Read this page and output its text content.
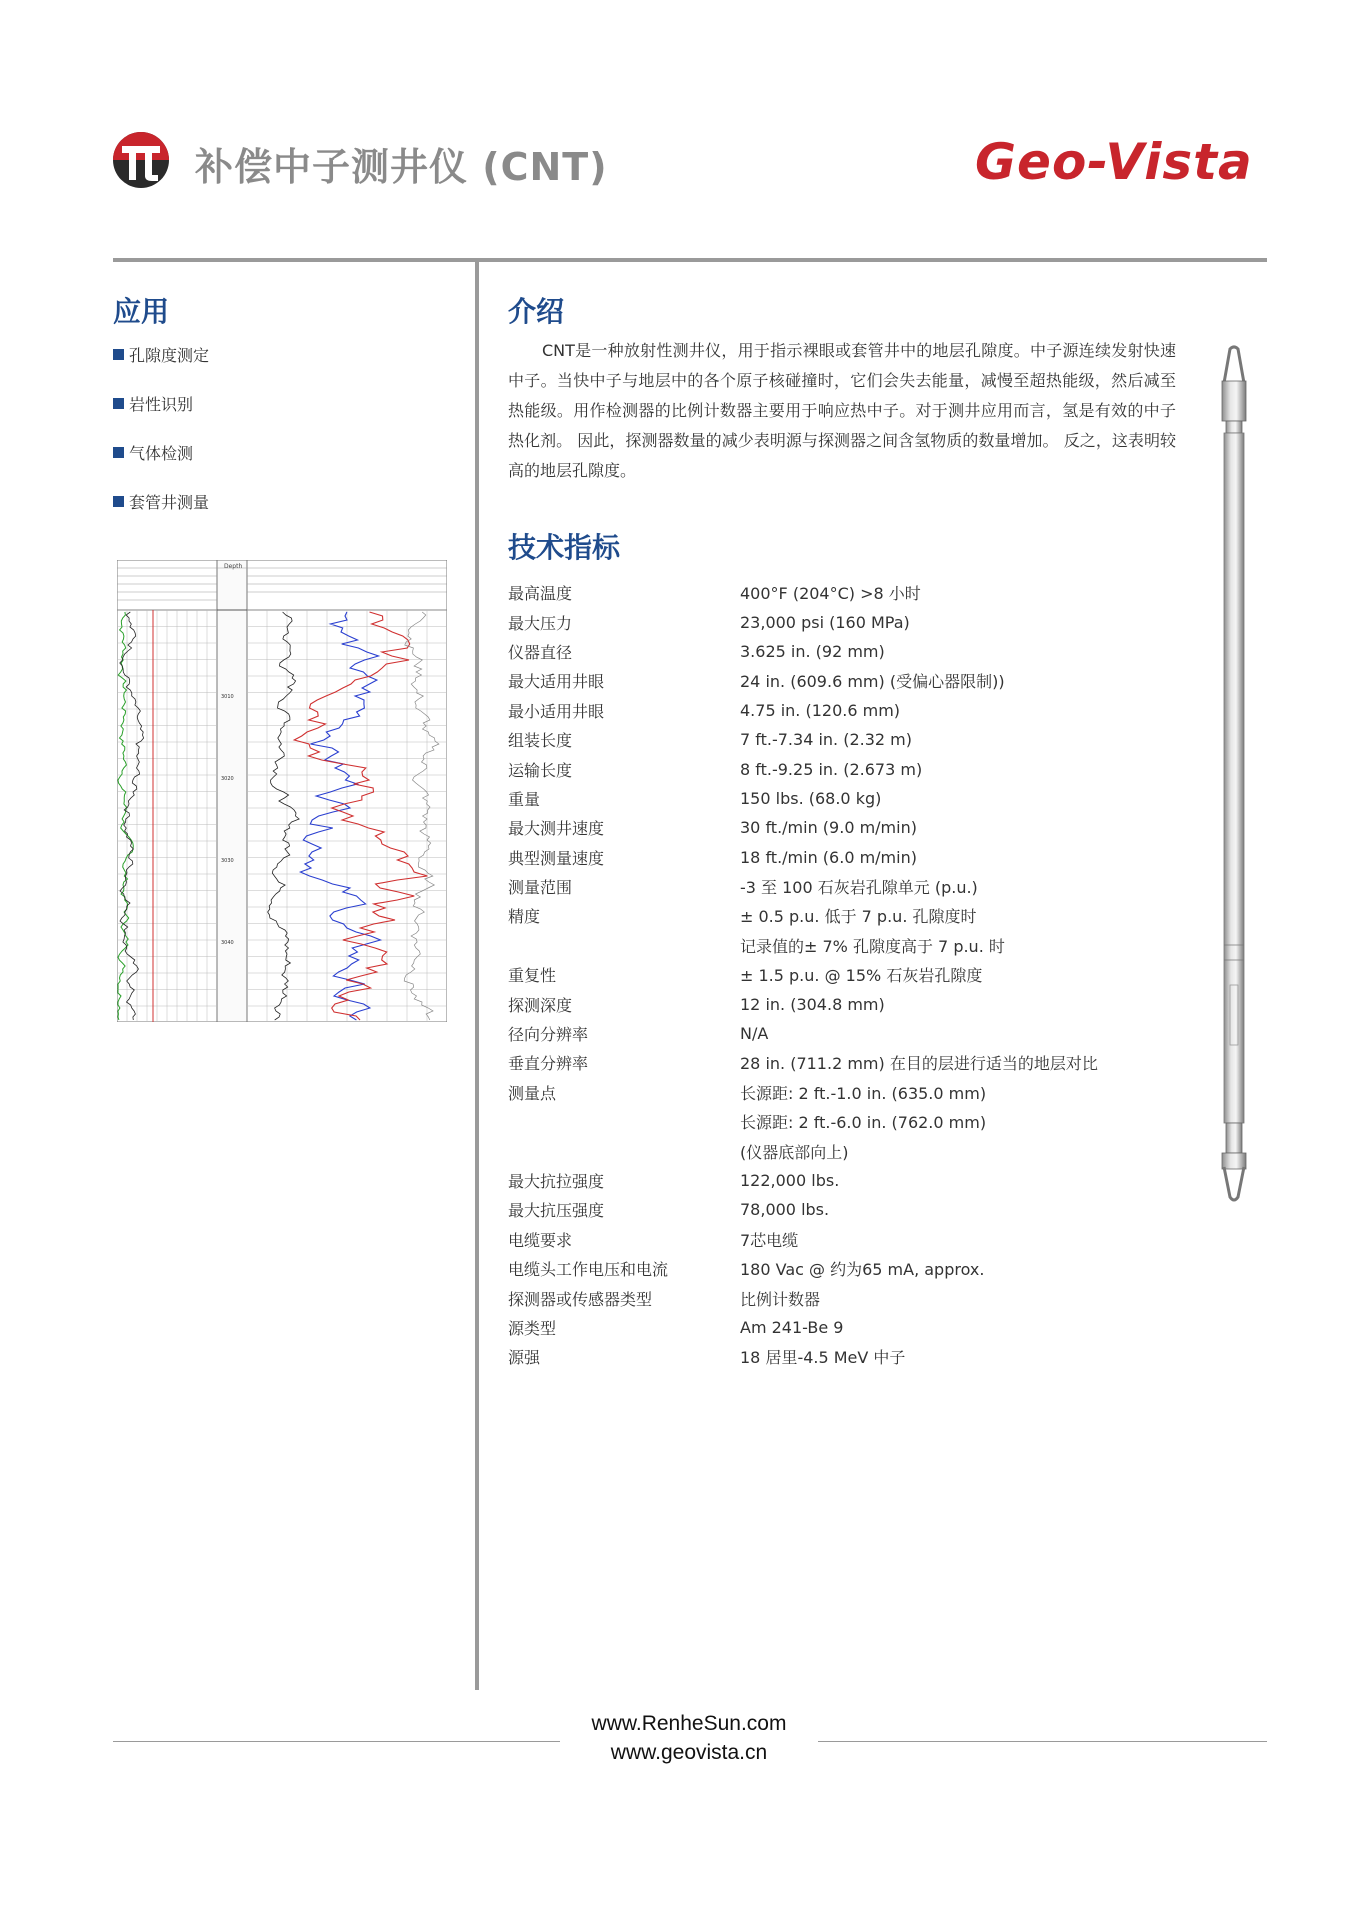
补偿中子测井仪 (CNT)	Geo-Vista
应用
孔隙度测定
岩性识别
气体检测
套管井测量
Depth
3010
3020
3030
3040
介绍
CNT是一种放射性测井仪，用于指示裸眼或套管井中的地层孔隙度。中子源连续发射快速中子。当快中子与地层中的各个原子核碰撞时，它们会失去能量，减慢至超热能级，然后减至热能级。用作检测器的比例计数器主要用于响应热中子。对于测井应用而言，氢是有效的中子热化剂。 因此，探测器数量的减少表明源与探测器之间含氢物质的数量增加。 反之，这表明较高的地层孔隙度。
技术指标
最高温度	400°F (204°C) >8 小时
最大压力	23,000 psi (160 MPa)
仪器直径	3.625 in. (92 mm)
最大适用井眼	24 in. (609.6 mm) (受偏心器限制))
最小适用井眼	4.75 in. (120.6 mm)
组装长度	7 ft.-7.34 in. (2.32 m)
运输长度	8 ft.-9.25 in. (2.673 m)
重量	150 lbs. (68.0 kg)
最大测井速度	30 ft./min (9.0 m/min)
典型测量速度	18 ft./min (6.0 m/min)
测量范围	-3 至 100 石灰岩孔隙单元 (p.u.)
精度	± 0.5 p.u. 低于 7 p.u. 孔隙度时
记录值的± 7% 孔隙度高于 7 p.u. 时
重复性	± 1.5 p.u. @ 15% 石灰岩孔隙度
探测深度	12 in. (304.8 mm)
径向分辨率	N/A
垂直分辨率	28 in. (711.2 mm) 在目的层进行适当的地层对比
测量点	长源距: 2 ft.-1.0 in. (635.0 mm)
长源距: 2 ft.-6.0 in. (762.0 mm)
(仪器底部向上)
最大抗拉强度	122,000 lbs.
最大抗压强度	78,000 lbs.
电缆要求	7芯电缆
电缆头工作电压和电流	180 Vac @ 约为65 mA, approx.
探测器或传感器类型	比例计数器
源类型	Am 241-Be 9
源强	18 居里-4.5 MeV 中子
www.RenheSun.com
www.geovista.cn
